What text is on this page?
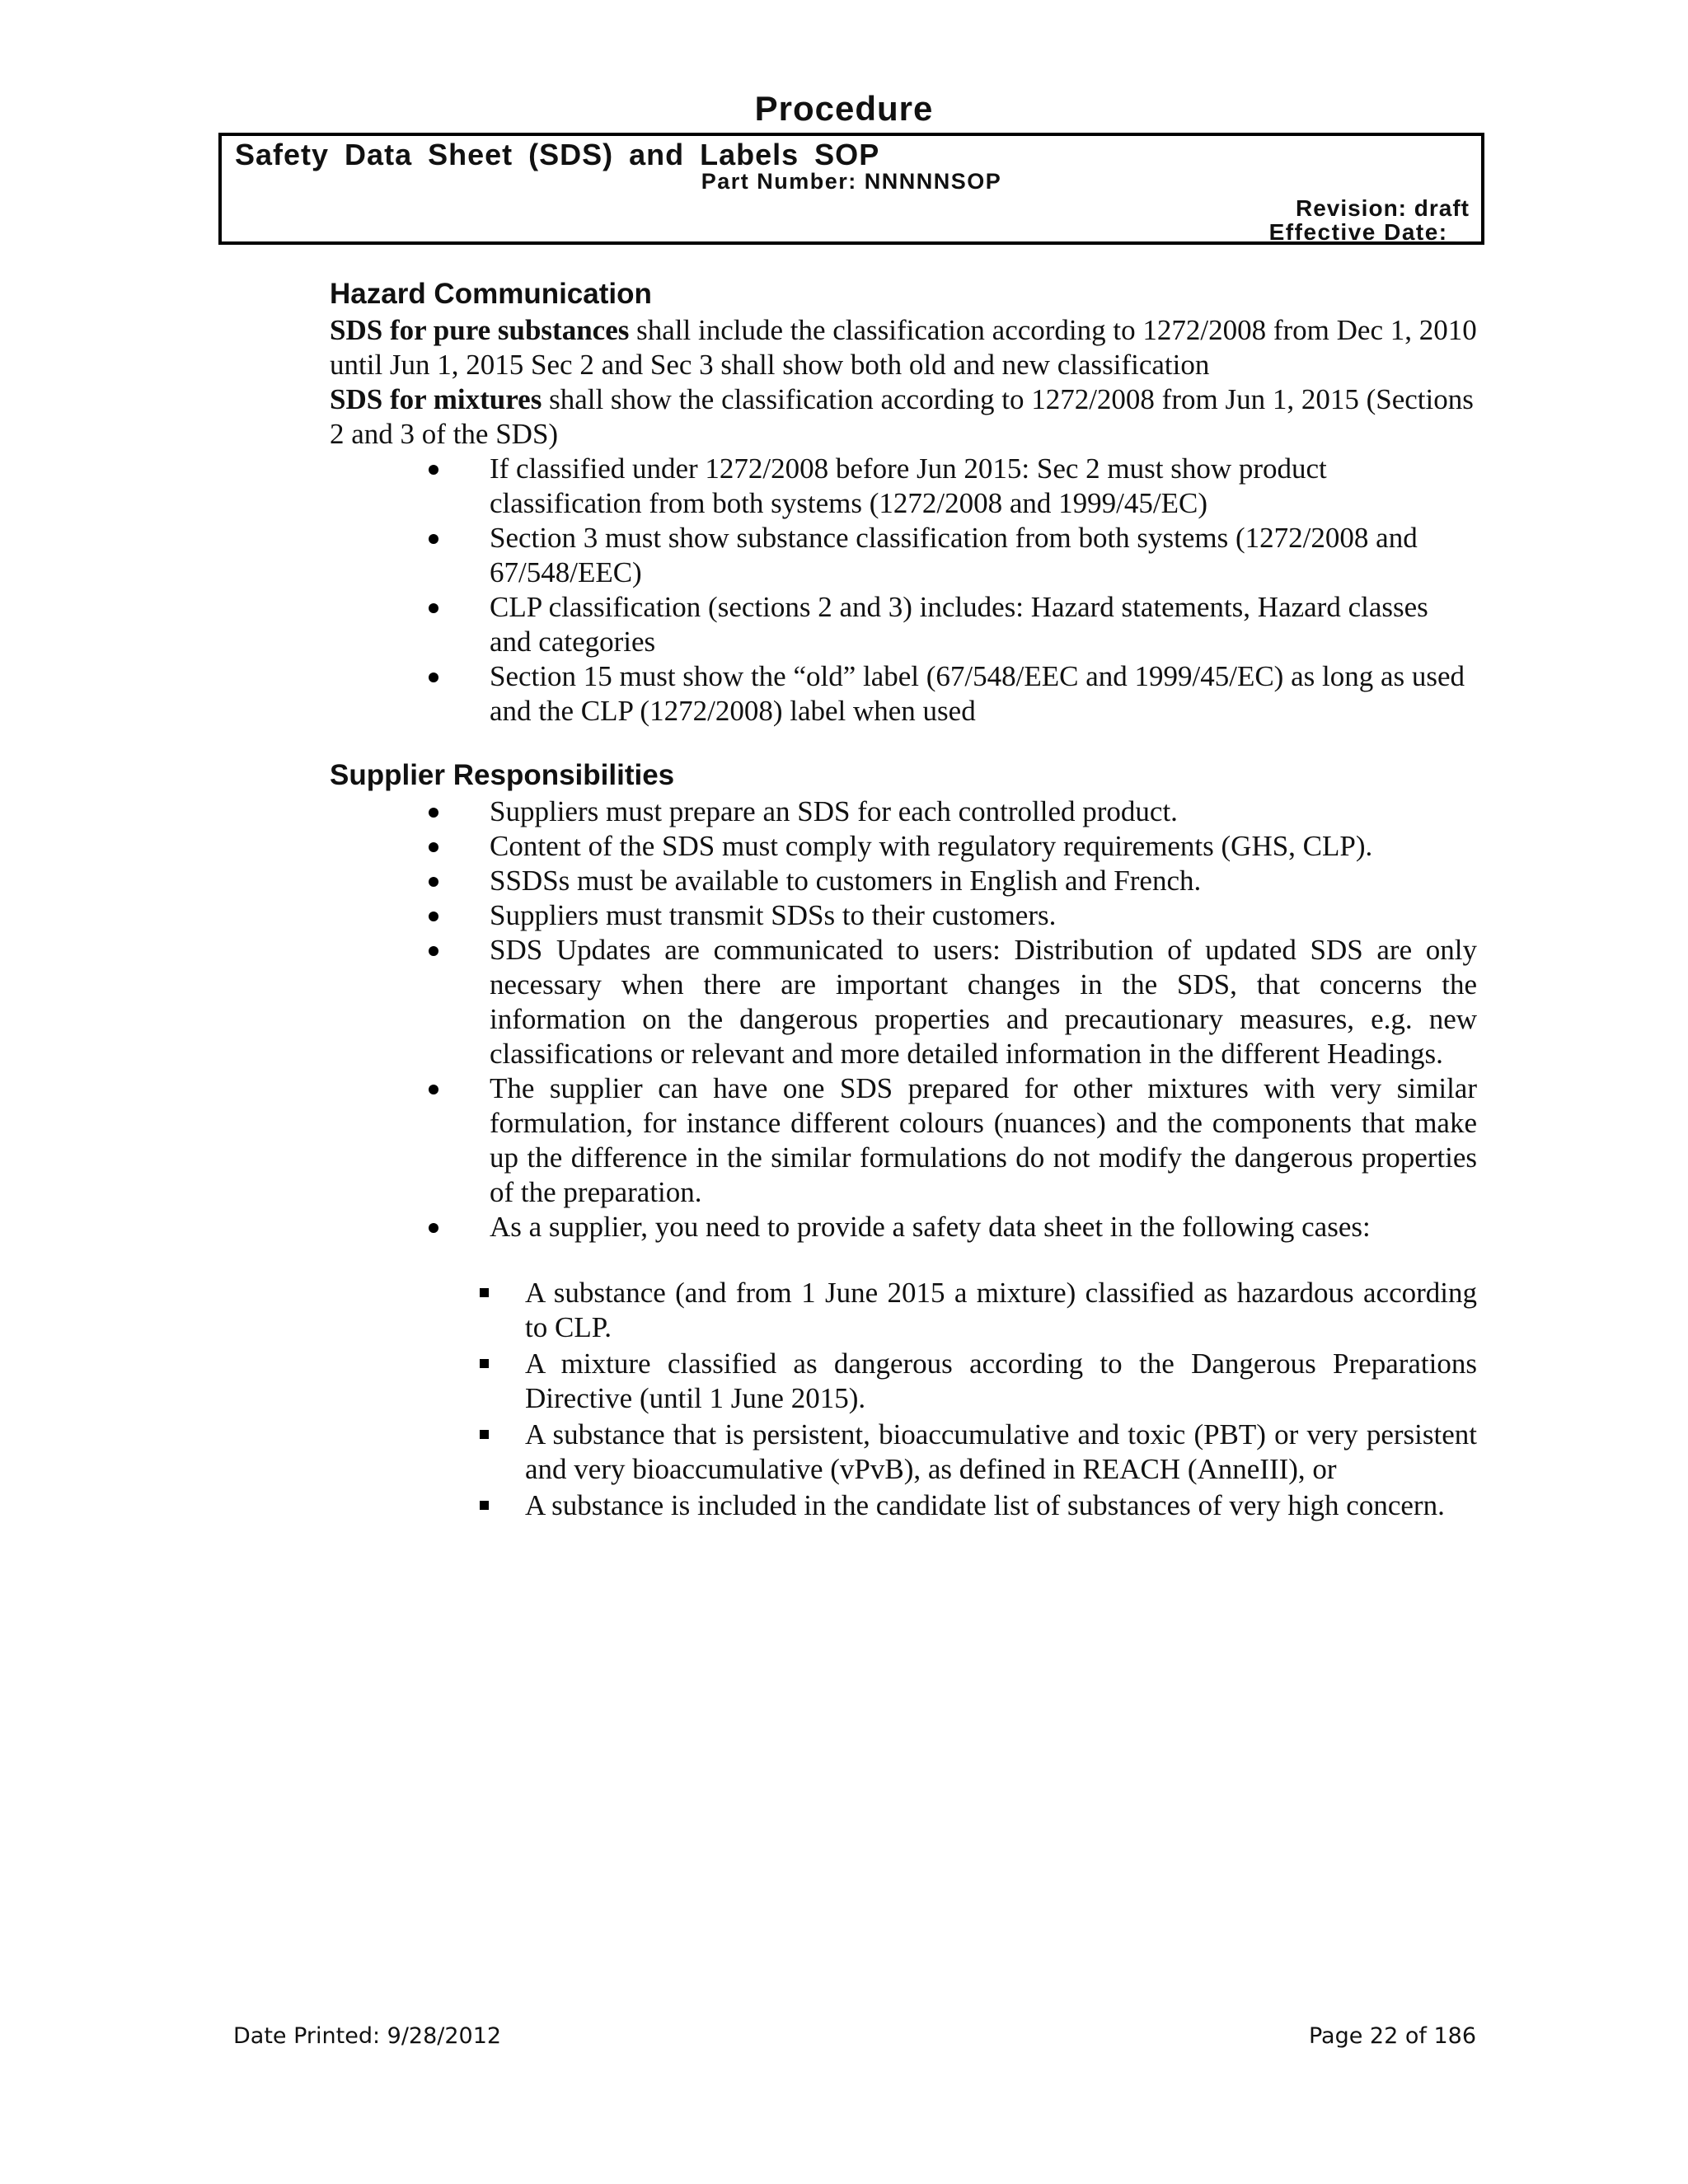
Procedure
Safety Data Sheet (SDS) and Labels SOP
Part Number: NNNNNSOP
Revision: draft
Effective Date: _
Hazard Communication

SDS for pure substances shall include the classification according to 1272/2008 from Dec 1, 2010 until Jun 1, 2015 Sec 2 and Sec 3 shall show both old and new classification

SDS for mixtures shall show the classification according to 1272/2008 from Jun 1, 2015 (Sections 2 and 3 of the SDS)

If classified under 1272/2008 before Jun 2015: Sec 2 must show product classification from both systems (1272/2008 and 1999/45/EC)
Section 3 must show substance classification from both systems (1272/2008 and 67/548/EEC)
CLP classification (sections 2 and 3) includes: Hazard statements, Hazard classes and categories
Section 15 must show the “old” label (67/548/EEC and 1999/45/EC) as long as used and the CLP (1272/2008) label when used
Supplier Responsibilities
Suppliers must prepare an SDS for each controlled product.
Content of the SDS must comply with regulatory requirements (GHS, CLP).
SSDSs must be available to customers in English and French.
Suppliers must transmit SDSs to their customers.
SDS Updates are communicated to users: Distribution of updated SDS are only necessary when there are important changes in the SDS, that concerns the information on the dangerous properties and precautionary measures, e.g. new classifications or relevant and more detailed information in the different Headings.
The supplier can have one SDS prepared for other mixtures with very similar formulation, for instance different colours (nuances) and the components that make up the difference in the similar formulations do not modify the dangerous properties of the preparation.
As a supplier, you need to provide a safety data sheet in the following cases:
A substance (and from 1 June 2015 a mixture) classified as hazardous according to CLP.
A mixture classified as dangerous according to the Dangerous Preparations Directive (until 1 June 2015).
A substance that is persistent, bioaccumulative and toxic (PBT) or very persistent and very bioaccumulative (vPvB), as defined in REACH (AnneIII), or
A substance is included in the candidate list of substances of very high concern.
Date Printed: 9/28/2012	Page 22 of 186
